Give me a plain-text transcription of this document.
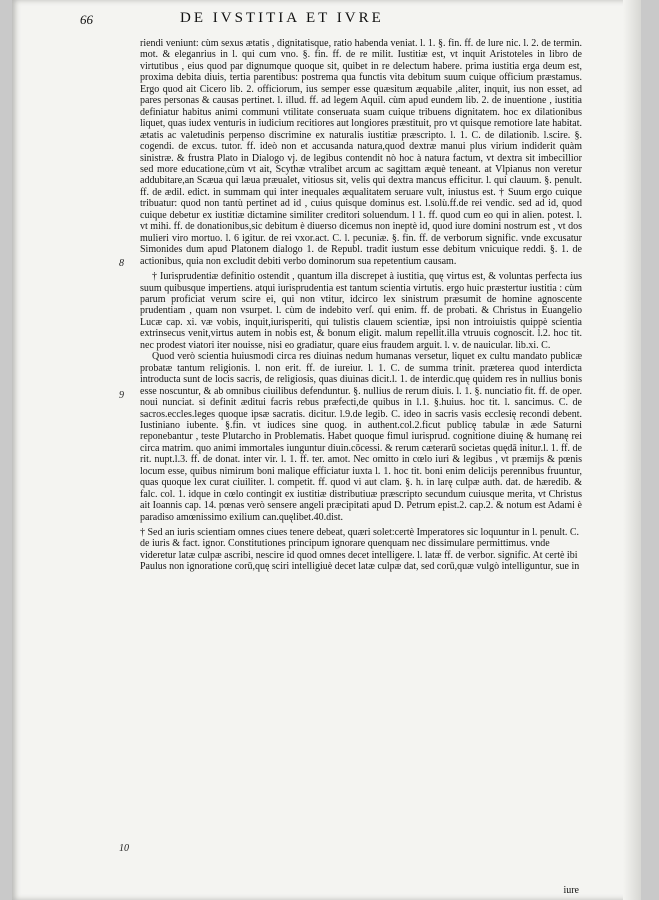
66	DE IVSTITIA ET IVRE
8
9
10

riendi veniunt: cùm sexus ætatis , dignitatisque, ratio habenda veniat. l. 1. §. fin. ff. de lure nic. l. 2. de termin. mot. & eleganrius in l. qui cum vno. §. fin. ff. de re milit. Iustitiæ est, vt inquit Aristoteles in libro de virtutibus , eius quod par dignumque quoque sit, quibet in re delectum habere. prima iustitia erga deum est, proxima debita diuis, tertia parentibus: postrema qua functis vita debitum suum cuique officium præstamus. Ergo quod ait Cicero lib. 2. officiorum, ius semper esse quæsitum æquabile ,aliter, inquit, ius non esset, ad pares personas & causas pertinet. l. illud. ff. ad legem Aquil. cùm apud eundem lib. 2. de inuentione , iustitia definiatur habitus animi communi vtilitate conseruata suam cuique tribuens dignitatem. hoc ex dilationibus liquet, quas iudex venturis in iudicium recitiores aut longiores præstituit, pro vt quisque remotiore late habitat. ætatis ac valetudinis perpenso discrimine ex naturalis iustitiæ præscripto. l. 1. C. de dilationib. l.scire. §. cogendi. de excus. tutor. ff. ideò non et accusanda natura,quod dextræ manui plus virium indiderit quàm sinistræ. & frustra Plato in Dialogo vj. de legibus contendit nò hoc à natura factum, vt dextra sit imbecillior sed more educatione,cùm vt ait, Scythæ vtralibet arcum ac sagittam æquè teneant. at Vlpianus non veretur addubitare,an Scæua qui læua præualet, vitiosus sit, velis qui dextra mancus efficitur. l. qui clauum. §. penult. ff. de ædil. edict. in summam qui inter inequales æqualitatem seruare vult, iniustus est. † Suum ergo cuique tribuatur: quod non tantù pertinet ad id , cuius quisque dominus est. l.solù.ff.de rei vendic. sed ad id, quod cuique debetur ex iustitiæ dictamine similiter creditori soluendum. l 1. ff. quod cum eo qui in alien. potest. l. vt mihi. ff. de donationibus,sic debitum è diuerso dicemus non ineptè id, quod iure domini nostrum est , vt dos mulieri viro mortuo. l. 6 igitur. de rei vxor.act. C. l. pecuniæ. §. fin. ff. de verborum signific. vnde excusatur Simonides dum apud Platonem dialogo 1. de Republ. tradit iustum esse debitum vnicuique reddi. §. 1. de actionibus, quia non excludit debiti verbo dominorum sua repetentium causam.

† Iurisprudentiæ definitio ostendit , quantum illa discrepet à iustitia, quę virtus est, & voluntas perfecta ius suum quibusque impertiens. atqui iurisprudentia est tantum scientia virtutis. ergo huic præstertur iustitia : cùm parum proficiat verum scire ei, qui non vtitur, idcirco lex sinistrum præsumit de homine agnoscente prudentiam , quam non vsurpet. l. cùm de indebito verſ. qui enim. ff. de probati. & Christus in Euangelio Lucæ cap. xi. væ vobis, inquit,iurisperiti, qui tulistis clauem scientiæ, ipsi non introiuistis quippè scientia extrinsecus venit,virtus autem in nobis est, & bonum eligit. malum repellit.illa vtruuis cognoscit. l.2. hoc tit. nec prodest viatori iter nouisse, nisi eo gradiatur, quare eius fraudem arguit. l. v. de nauicular. lib.xi. C.

Quod verò scientia huiusmodi circa res diuinas nedum humanas versetur, liquet ex cultu mandato publicæ probatæ tantum religionis. l. non erit. ff. de iureiur. l. 1. C. de summa trinit. præterea quod interdicta introducta sunt de locis sacris, de religiosis, quas diuinas dicit.l. 1. de interdic.quę quidem res in nullius bonis esse noscuntur, & ab omnibus ciuilibus defenduntur. §. nullius de rerum diuis. l. 1. §. nunciatio fit. ff. de oper. noui nunciat. si definit æditui facris rebus præfecti,de quibus in l.1. §.huius. hoc tit. l. sancimus. C. de sacros.eccles.leges quoque ipsæ sacratis. dicitur. l.9.de legib. C. ideo in sacris vasis ecclesię recondi debent. Iustiniano iubente. §.fin. vt iudices sine quog. in authent.col.2.ficut publicę tabulæ in æde Saturni reponebantur , teste Plutarcho in Problematis. Habet quoque fimul iurisprud. cognitione diuinę & humanę rei circa matrim. quo animi immortales iunguntur diuin.cōcessi. & rerum cæterarū societas quędā initur.l. 1. ff. de rit. nupt.l.3. ff. de donat. inter vir. l. 1. ff. ter. amot. Nec omitto in cœlo iuri & legibus , vt præmijs & pœnis locum esse, quibus nimirum boni malique efficiatur iuxta l. 1. hoc tit. boni enim delicijs perennibus fruuntur, quas quoque lex curat ciuiliter. l. competit. ff. quod vi aut clam. §. h. in larę culpæ auth. dat. de hæredib. & falc. col. 1. idque in cœlo contingit ex iustitiæ distributiuæ præscripto secundum cuiusque merita, vt Christus ait Ioannis cap. 14. pœnas verò sensere angeli præcipitati apud D. Petrum epist.2. cap.2. & notum est Adami è paradiso amœnissimo exilium can.quęlibet.40.dist.

† Sed an iuris scientiam omnes ciues tenere debeat, quæri solet:certè Imperatores sic loquuntur in l. penult. C. de iuris & fact. ignor. Constitutiones principum ignorare quenquam nec dissimulare permittimus. vnde videretur latæ culpæ ascribi, nescire id quod omnes decet intelligere. l. latæ ff. de verbor. signific. At certè ibi Paulus non ignoratione corū,quę sciri intelligiuè decet latæ culpæ dat, sed corū,quæ vulgò intelliguntur, sue in

iure
